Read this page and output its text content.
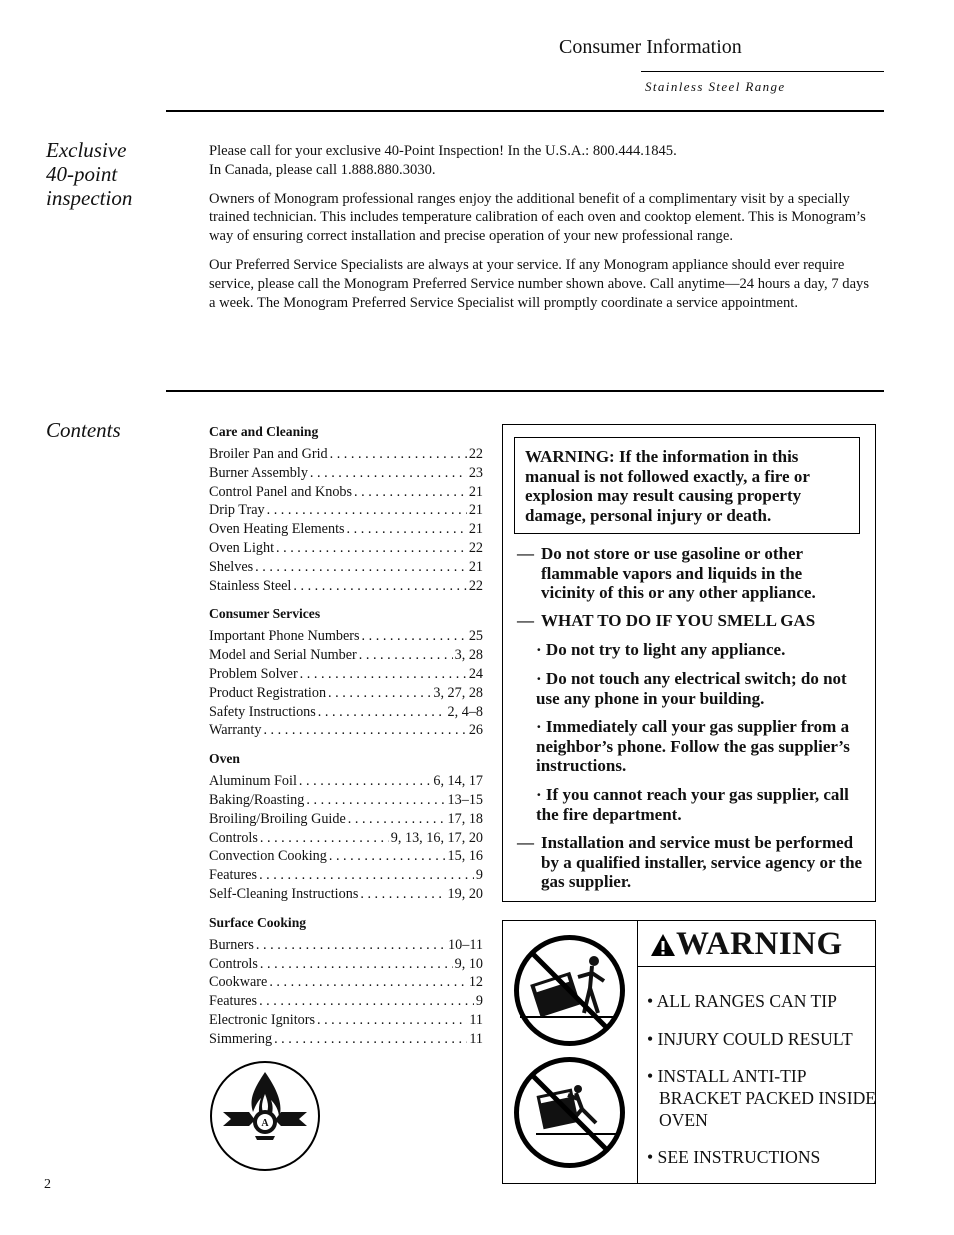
Consumer Information
Stainless Steel Range
Exclusive
40-point
inspection

Please call for your exclusive 40-Point Inspection! In the U.S.A.: 800.444.1845.

In Canada, please call 1.888.880.3030.

Owners of Monogram professional ranges enjoy the additional benefit of a complimentary visit by a specially trained technician. This includes temperature calibration of each oven and cooktop element. This is Monogram’s way of ensuring correct installation and precise operation of your new professional range.

Our Preferred Service Specialists are always at your service. If any Monogram appliance should ever require service, please call the Monogram Preferred Service number shown above. Call anytime—24 hours a day, 7 days a week. The Monogram Preferred Service Specialist will promptly coordinate a service appointment.

Contents	Care and Cleaning
Broiler Pan and Grid . . .	22
Burner Assembly . . .	23
Control Panel and Knobs . . .	21
Drip Tray . . .	21
Oven Heating Elements . . .	21
Oven Light . . .	22
Shelves . . .	21
Stainless Steel . . .	22
Consumer Services
Important Phone Numbers . . .	25
Model and Serial Number . . .	3, 28
Problem Solver . . .	24
Product Registration . . .	3, 27, 28
Safety Instructions . . .	2, 4–8
Warranty . . .	26
Oven
Aluminum Foil . . .	6, 14, 17
Baking/Roasting . . .	13–15
Broiling/Broiling Guide . . .	17, 18
Controls . . .	9, 13, 16, 17, 20
Convection Cooking . . .	15, 16
Features . . .	9
Self-Cleaning Instructions . . .	19, 20
Surface Cooking
Burners . . .	10–11
Controls . . .	9, 10
Cookware . . .	12
Features . . .	9
Electronic Ignitors . . .	11
Simmering . . .	11
WARNING: If the information in this manual is not followed exactly, a fire or explosion may result causing property damage, personal injury or death.
— Do not store or use gasoline or other flammable vapors and liquids in the vicinity of this or any other appliance.
— WHAT TO DO IF YOU SMELL GAS
· Do not try to light any appliance.
· Do not touch any electrical switch; do not use any phone in your building.
· Immediately call your gas supplier from a neighbor’s phone. Follow the gas supplier’s instructions.
· If you cannot reach your gas supplier, call the fire department.
— Installation and service must be performed by a qualified installer, service agency or the gas supplier.
A
WARNING
• ALL RANGES CAN TIP
• INJURY COULD RESULT
• INSTALL ANTI-TIP BRACKET PACKED INSIDE OVEN
• SEE INSTRUCTIONS
2
